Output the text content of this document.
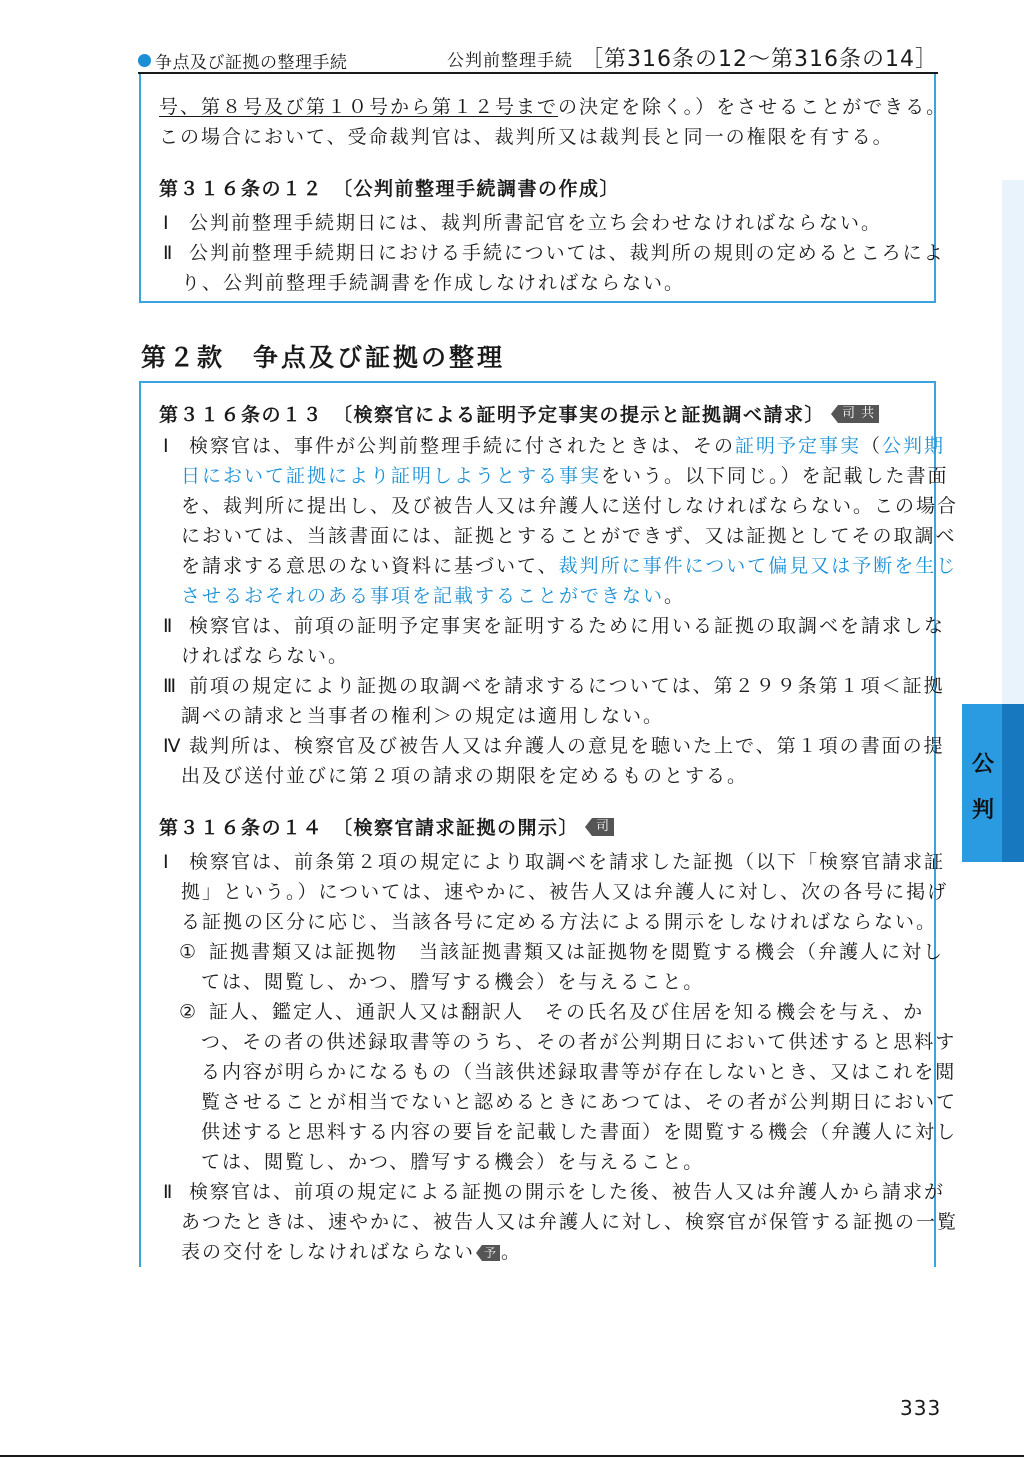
争点及び証拠の整理手続	公判前整理手続 ［第316条の12～第316条の14］
号、第８号及び第１０号から第１２号までの決定を除く。）をさせることができる。
この場合において、受命裁判官は、裁判所又は裁判長と同一の権限を有する。
第３１６条の１２ 〔公判前整理手続調書の作成〕
Ⅰ 公判前整理手続期日には、裁判所書記官を立ち会わせなければならない。
Ⅱ 公判前整理手続期日における手続については、裁判所の規則の定めるところによ
り、公判前整理手続調書を作成しなければならない。
第２款　争点及び証拠の整理
第３１６条の１３ 〔検察官による証明予定事実の提示と証拠調べ請求〕	司 共
Ⅰ 検察官は、事件が公判前整理手続に付されたときは、その証明予定事実（公判期
日において証拠により証明しようとする事実をいう。以下同じ。）を記載した書面
を、裁判所に提出し、及び被告人又は弁護人に送付しなければならない。この場合
においては、当該書面には、証拠とすることができず、又は証拠としてその取調べ
を請求する意思のない資料に基づいて、裁判所に事件について偏見又は予断を生じ
させるおそれのある事項を記載することができない。
Ⅱ 検察官は、前項の証明予定事実を証明するために用いる証拠の取調べを請求しな
ければならない。
Ⅲ 前項の規定により証拠の取調べを請求するについては、第２９９条第１項＜証拠
調べの請求と当事者の権利＞の規定は適用しない。
Ⅳ 裁判所は、検察官及び被告人又は弁護人の意見を聴いた上で、第１項の書面の提
出及び送付並びに第２項の請求の期限を定めるものとする。
第３１６条の１４ 〔検察官請求証拠の開示〕	司
Ⅰ 検察官は、前条第２項の規定により取調べを請求した証拠（以下「検察官請求証
拠」という。）については、速やかに、被告人又は弁護人に対し、次の各号に掲げ
る証拠の区分に応じ、当該各号に定める方法による開示をしなければならない。
① 証拠書類又は証拠物　当該証拠書類又は証拠物を閲覧する機会（弁護人に対し
ては、閲覧し、かつ、謄写する機会）を与えること。
② 証人、鑑定人、通訳人又は翻訳人　その氏名及び住居を知る機会を与え、か
つ、その者の供述録取書等のうち、その者が公判期日において供述すると思料す
る内容が明らかになるもの（当該供述録取書等が存在しないとき、又はこれを閲
覧させることが相当でないと認めるときにあつては、その者が公判期日において
供述すると思料する内容の要旨を記載した書面）を閲覧する機会（弁護人に対し
ては、閲覧し、かつ、謄写する機会）を与えること。
Ⅱ 検察官は、前項の規定による証拠の開示をした後、被告人又は弁護人から請求が
あつたときは、速やかに、被告人又は弁護人に対し、検察官が保管する証拠の一覧
表の交付をしなければならない 予 。
公
判
333
